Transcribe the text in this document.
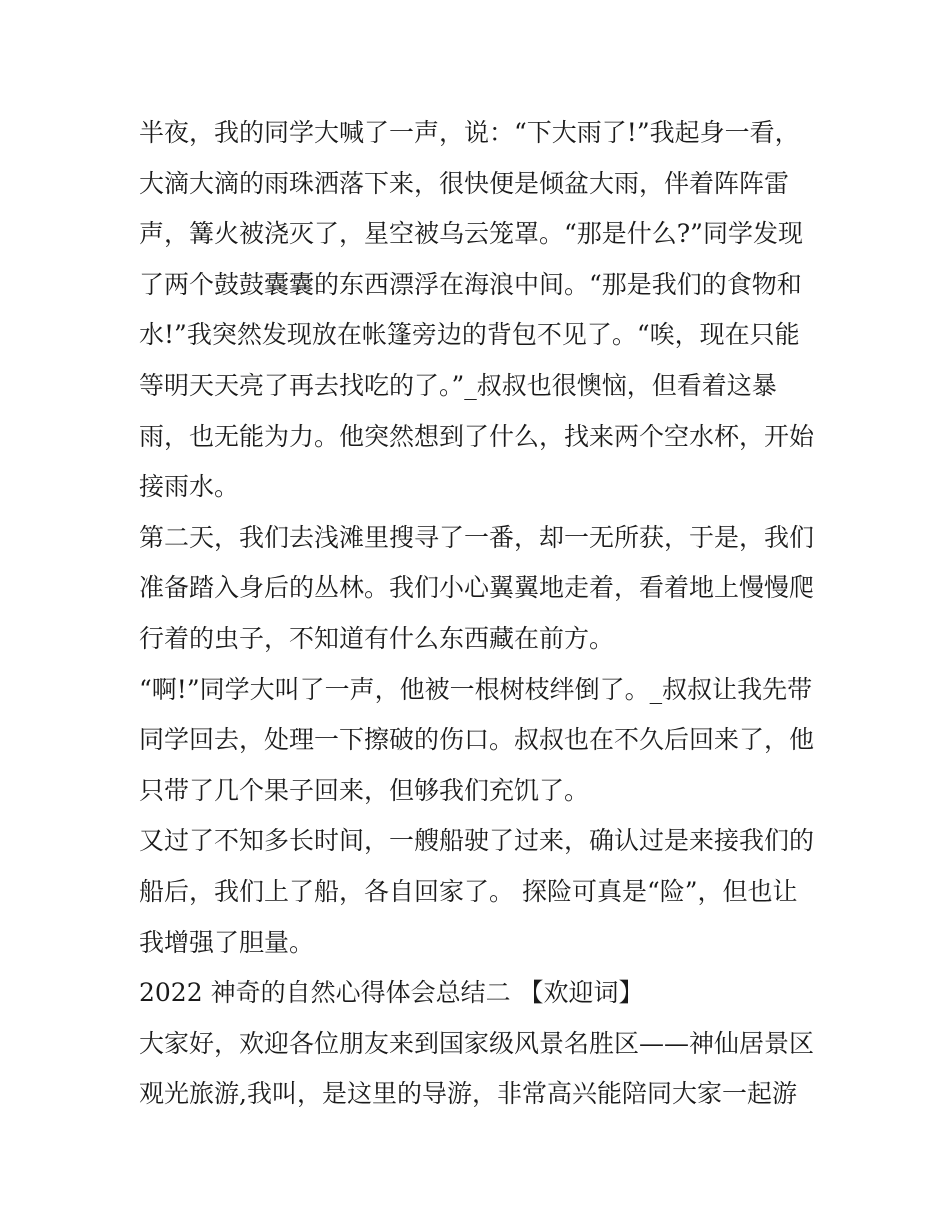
半夜，我的同学大喊了一声，说：“下大雨了!”我起身一看，
大滴大滴的雨珠洒落下来，很快便是倾盆大雨，伴着阵阵雷
声，篝火被浇灭了，星空被乌云笼罩。“那是什么?”同学发现
了两个鼓鼓囊囊的东西漂浮在海浪中间。“那是我们的食物和
水!”我突然发现放在帐篷旁边的背包不见了。“唉，现在只能
等明天天亮了再去找吃的了。”_叔叔也很懊恼，但看着这暴
雨，也无能为力。他突然想到了什么，找来两个空水杯，开始
接雨水。
第二天，我们去浅滩里搜寻了一番，却一无所获，于是，我们
准备踏入身后的丛林。我们小心翼翼地走着，看着地上慢慢爬
行着的虫子，不知道有什么东西藏在前方。
“啊!”同学大叫了一声，他被一根树枝绊倒了。_叔叔让我先带
同学回去，处理一下擦破的伤口。叔叔也在不久后回来了，他
只带了几个果子回来，但够我们充饥了。
又过了不知多长时间，一艘船驶了过来，确认过是来接我们的
船后，我们上了船，各自回家了。 探险可真是“险”，但也让
我增强了胆量。
2022 神奇的自然心得体会总结二 【欢迎词】
大家好，欢迎各位朋友来到国家级风景名胜区——神仙居景区
观光旅游,我叫，是这里的导游，非常高兴能陪同大家一起游
